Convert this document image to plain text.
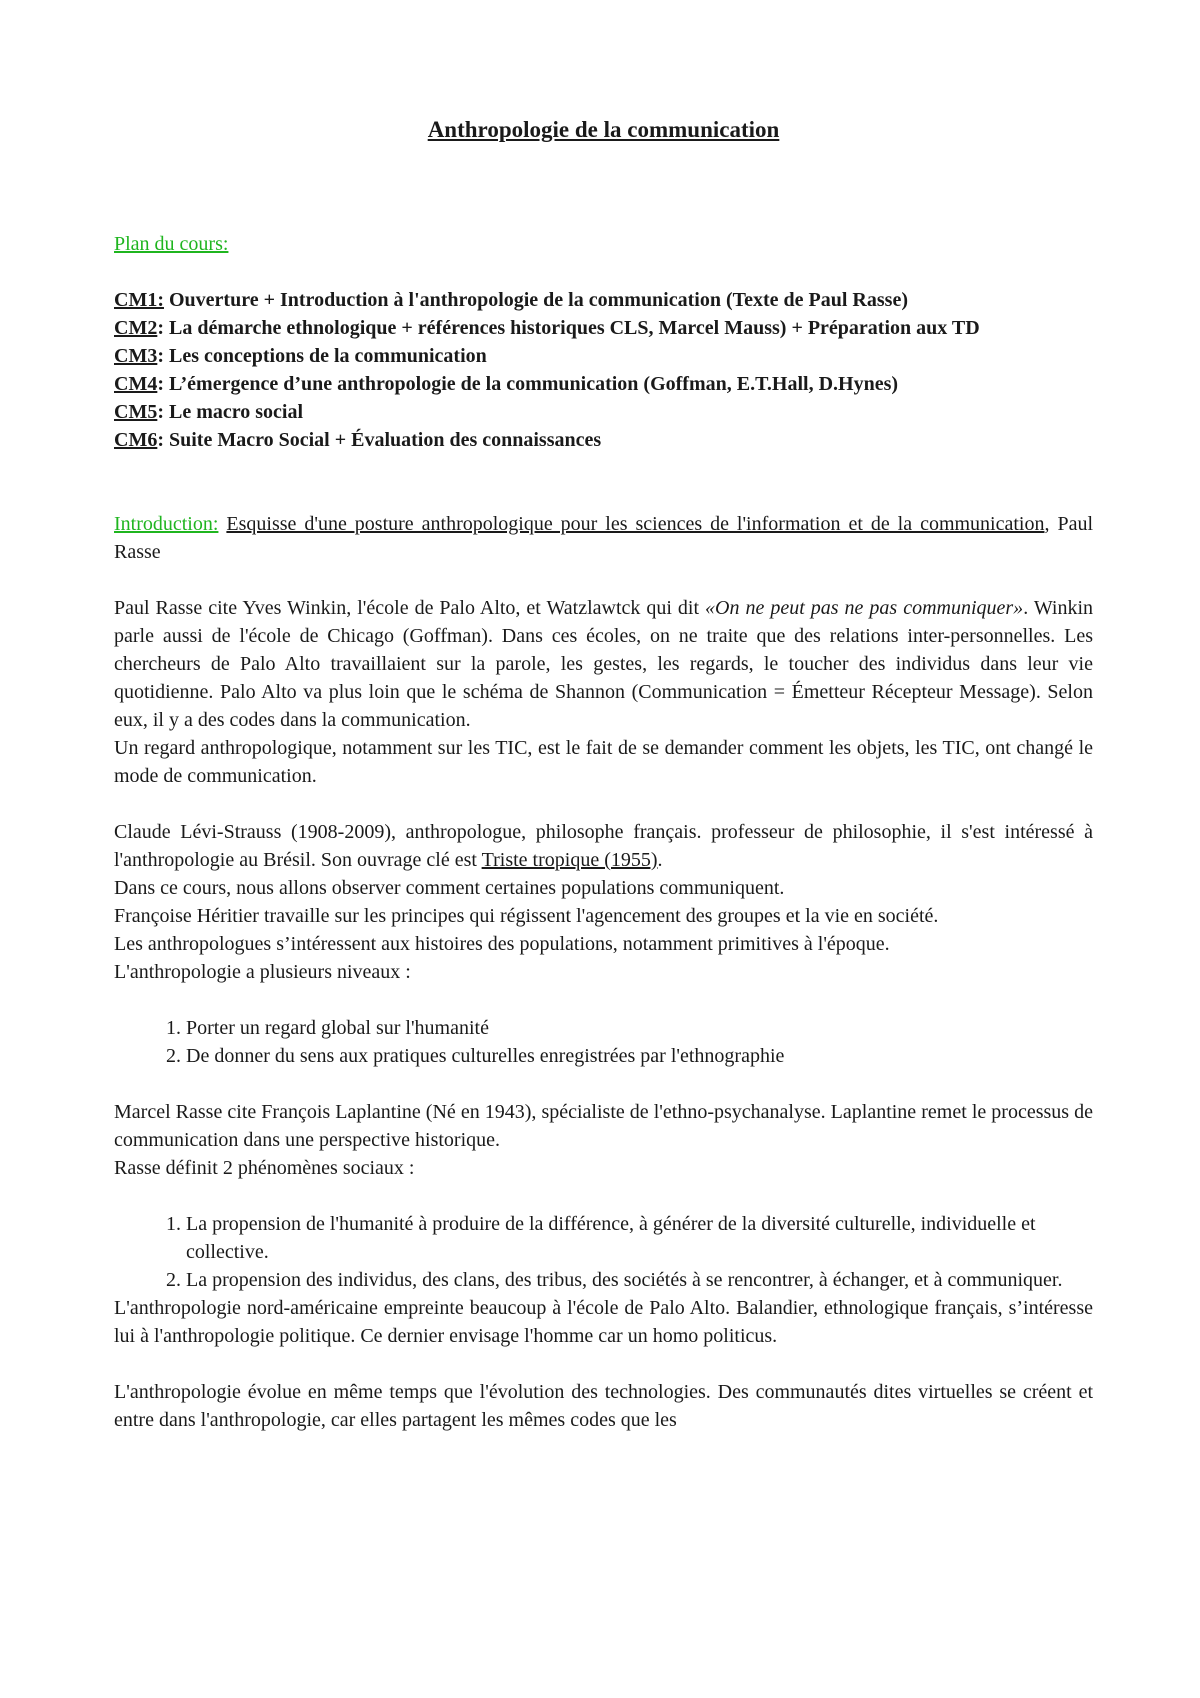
Anthropologie de la communication
Plan du cours:

CM1: Ouverture + Introduction à l'anthropologie de la communication (Texte de Paul Rasse)

CM2: La démarche ethnologique + références historiques CLS, Marcel Mauss) + Préparation aux TD

CM3: Les conceptions de la communication

CM4: L’émergence d’une anthropologie de la communication (Goffman, E.T.Hall, D.Hynes)

CM5: Le macro social

CM6: Suite Macro Social + Évaluation des connaissances

Introduction: Esquisse d'une posture anthropologique pour les sciences de l'information et de la communication, Paul Rasse

Paul Rasse cite Yves Winkin, l'école de Palo Alto, et Watzlawtck qui dit «On ne peut pas ne pas communiquer». Winkin parle aussi de l'école de Chicago (Goffman). Dans ces écoles, on ne traite que des relations inter-personnelles. Les chercheurs de Palo Alto travaillaient sur la parole, les gestes, les regards, le toucher des individus dans leur vie quotidienne. Palo Alto va plus loin que le schéma de Shannon (Communication = Émetteur Récepteur Message). Selon eux, il y a des codes dans la communication.

Un regard anthropologique, notamment sur les TIC, est le fait de se demander comment les objets, les TIC, ont changé le mode de communication.

Claude Lévi-Strauss (1908-2009), anthropologue, philosophe français. professeur de philosophie, il s'est intéressé à l'anthropologie au Brésil. Son ouvrage clé est Triste tropique (1955).

Dans ce cours, nous allons observer comment certaines populations communiquent.

Françoise Héritier travaille sur les principes qui régissent l'agencement des groupes et la vie en société.

Les anthropologues s’intéressent aux histoires des populations, notamment primitives à l'époque.

L'anthropologie a plusieurs niveaux :

1. Porter un regard global sur l'humanité
2. De donner du sens aux pratiques culturelles enregistrées par l'ethnographie

Marcel Rasse cite François Laplantine (Né en 1943), spécialiste de l'ethno-psychanalyse. Laplantine remet le processus de communication dans une perspective historique.

Rasse définit 2 phénomènes sociaux :

1. La propension de l'humanité à produire de la différence, à générer de la diversité culturelle, individuelle et collective.
2. La propension des individus, des clans, des tribus, des sociétés à se rencontrer, à échanger, et à communiquer.

L'anthropologie nord-américaine empreinte beaucoup à l'école de Palo Alto. Balandier, ethnologique français, s’intéresse lui à l'anthropologie politique. Ce dernier envisage l'homme car un homo politicus.

L'anthropologie évolue en même temps que l'évolution des technologies. Des communautés dites virtuelles se créent et entre dans l'anthropologie, car elles partagent les mêmes codes que les
